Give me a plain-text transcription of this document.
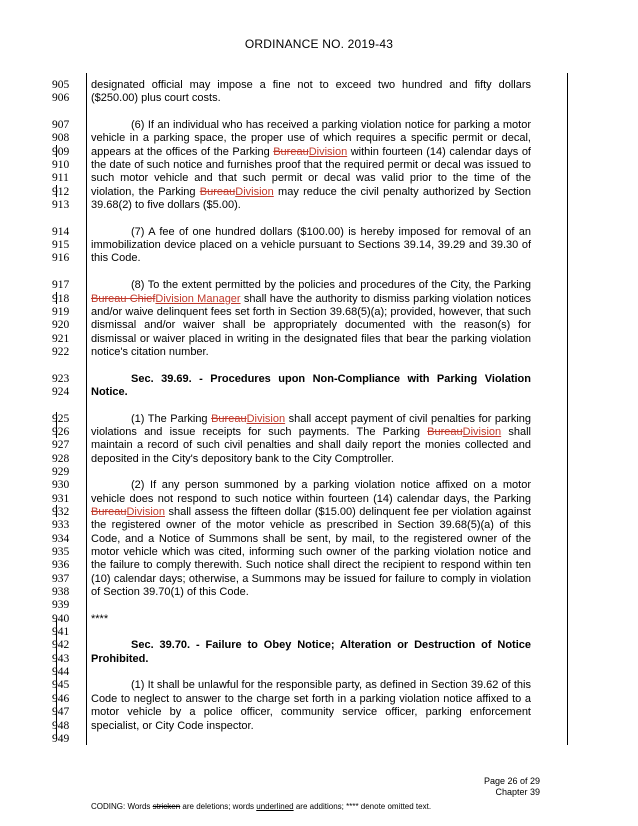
ORDINANCE NO. 2019-43
905
906
907
908
909
910
911
912
913
914
915
916
917
918
919
920
921
922
923
924
925
926
927
928
929
930
931
932
933
934
935
936
937
938
939
940
941
942
943
944
945
946
947
948
949

designated official may impose a fine not to exceed two hundred and fifty dollars ($250.00) plus court costs.

(6) If an individual who has received a parking violation notice for parking a motor vehicle in a parking space, the proper use of which requires a specific permit or decal, appears at the offices of the Parking BureauDivision within fourteen (14) calendar days of the date of such notice and furnishes proof that the required permit or decal was issued to such motor vehicle and that such permit or decal was valid prior to the time of the violation, the Parking BureauDivision may reduce the civil penalty authorized by Section 39.68(2) to five dollars ($5.00).

(7) A fee of one hundred dollars ($100.00) is hereby imposed for removal of an immobilization device placed on a vehicle pursuant to Sections 39.14, 39.29 and 39.30 of this Code.

(8) To the extent permitted by the policies and procedures of the City, the Parking Bureau ChiefDivision Manager shall have the authority to dismiss parking violation notices and/or waive delinquent fees set forth in Section 39.68(5)(a); provided, however, that such dismissal and/or waiver shall be appropriately documented with the reason(s) for dismissal or waiver placed in writing in the designated files that bear the parking violation notice's citation number.

Sec. 39.69. - Procedures upon Non-Compliance with Parking Violation Notice.

(1) The Parking BureauDivision shall accept payment of civil penalties for parking violations and issue receipts for such payments. The Parking BureauDivision shall maintain a record of such civil penalties and shall daily report the monies collected and deposited in the City's depository bank to the City Comptroller.

(2) If any person summoned by a parking violation notice affixed on a motor vehicle does not respond to such notice within fourteen (14) calendar days, the Parking BureauDivision shall assess the fifteen dollar ($15.00) delinquent fee per violation against the registered owner of the motor vehicle as prescribed in Section 39.68(5)(a) of this Code, and a Notice of Summons shall be sent, by mail, to the registered owner of the motor vehicle which was cited, informing such owner of the parking violation notice and the failure to comply therewith. Such notice shall direct the recipient to respond within ten (10) calendar days; otherwise, a Summons may be issued for failure to comply in violation of Section 39.70(1) of this Code.

****

Sec. 39.70. - Failure to Obey Notice; Alteration or Destruction of Notice Prohibited.

(1) It shall be unlawful for the responsible party, as defined in Section 39.62 of this Code to neglect to answer to the charge set forth in a parking violation notice affixed to a motor vehicle by a police officer, community service officer, parking enforcement specialist, or City Code inspector.

Page 26 of 29
Chapter 39
CODING: Words stricken are deletions; words underlined are additions; **** denote omitted text.
